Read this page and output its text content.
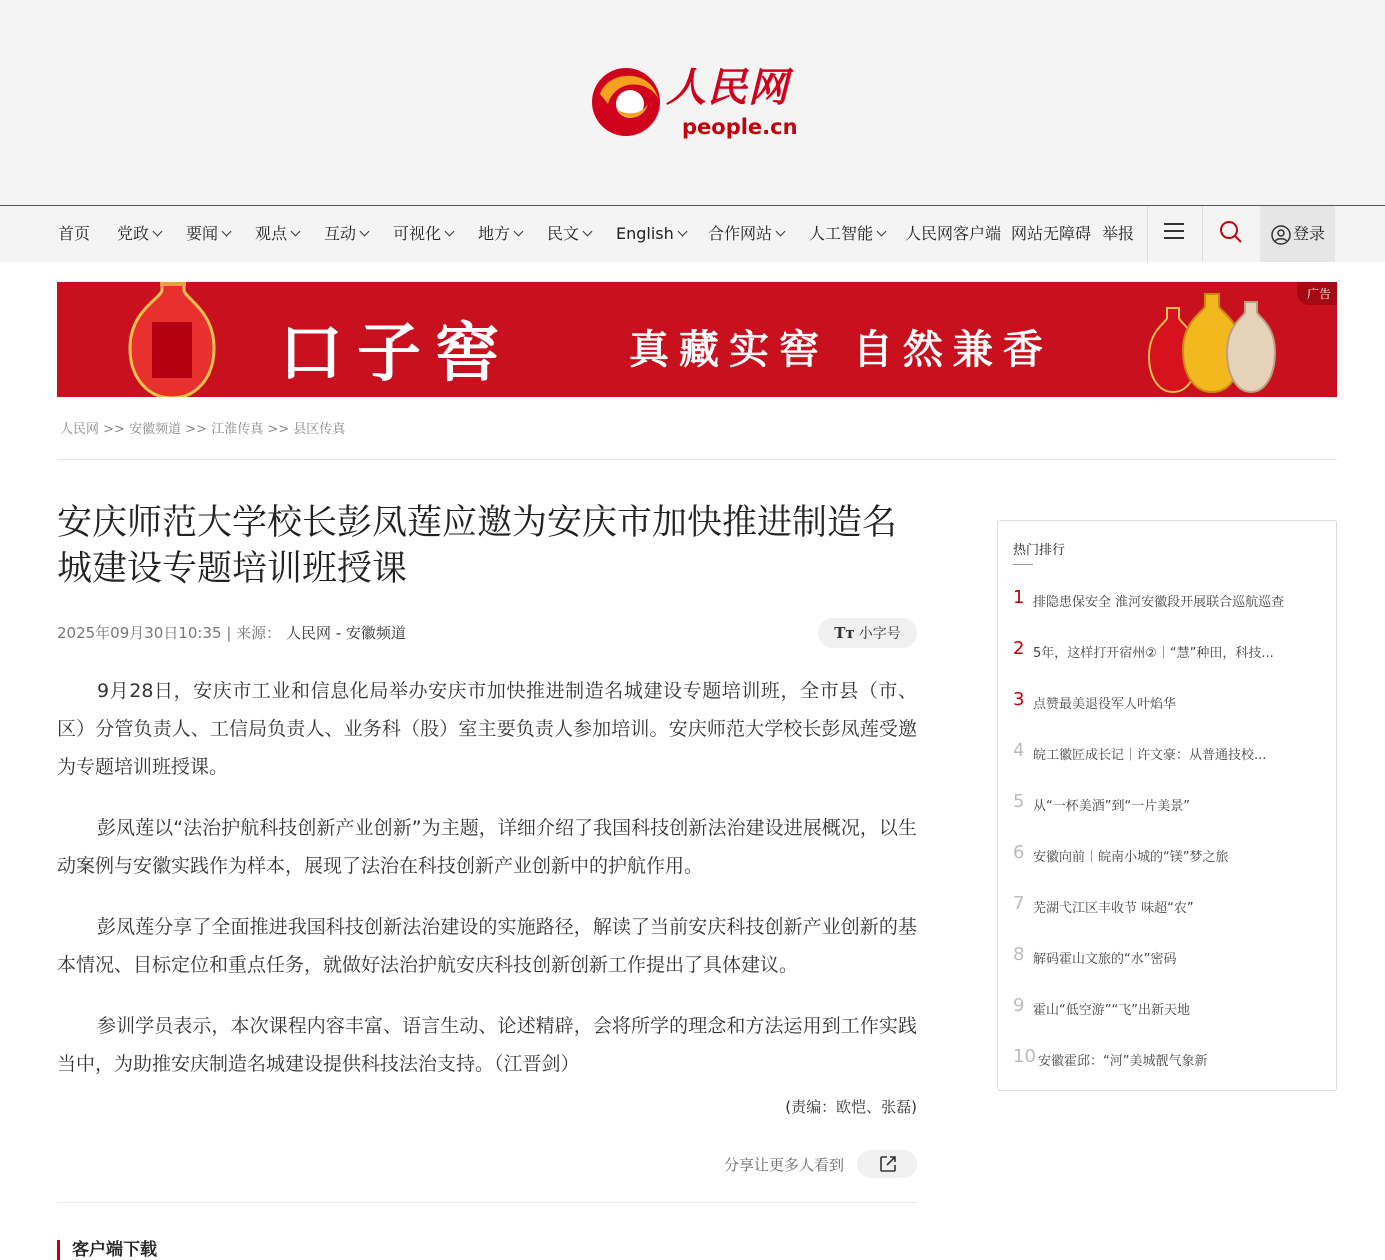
人民网
people.cn
首页 党政	要闻	观点	互动	可视化	地方	民文	English	合作网站	人工智能	人民网客户端 网站无障碍 举报	登录
口子窖	真藏实窖 自然兼香
广告
人民网 >> 安徽频道 >> 江淮传真 >> 县区传真
安庆师范大学校长彭凤莲应邀为安庆市加快推进制造名城建设专题培训班授课
2025年09月30日10:35 | 来源： 人民网 - 安徽频道	Tт 小字号

9月28日，安庆市工业和信息化局举办安庆市加快推进制造名城建设专题培训班，全市县（市、区）分管负责人、工信局负责人、业务科（股）室主要负责人参加培训。安庆师范大学校长彭凤莲受邀为专题培训班授课。

彭凤莲以“法治护航科技创新产业创新”为主题，详细介绍了我国科技创新法治建设进展概况，以生动案例与安徽实践作为样本，展现了法治在科技创新产业创新中的护航作用。

彭凤莲分享了全面推进我国科技创新法治建设的实施路径，解读了当前安庆科技创新产业创新的基本情况、目标定位和重点任务，就做好法治护航安庆科技创新创新工作提出了具体建议。

参训学员表示，本次课程内容丰富、语言生动、论述精辟，会将所学的理念和方法运用到工作实践当中，为助推安庆制造名城建设提供科技法治支持。（江晋剑）

(责编：欧恺、张磊)
分享让更多人看到
客户端下载
热门排行
1 排隐患保安全 淮河安徽段开展联合巡航巡查
2 5年，这样打开宿州②｜“慧”种田，科技...
3 点赞最美退役军人叶焰华
4 皖工徽匠成长记｜许文豪：从普通技校...
5 从“一杯美酒”到“一片美景”
6 安徽向前｜皖南小城的“镁”梦之旅
7 芜湖弋江区丰收节 味超“农”
8 解码霍山文旅的“水”密码
9 霍山“低空游”“飞”出新天地
10 安徽霍邱：“河”美城靓气象新
